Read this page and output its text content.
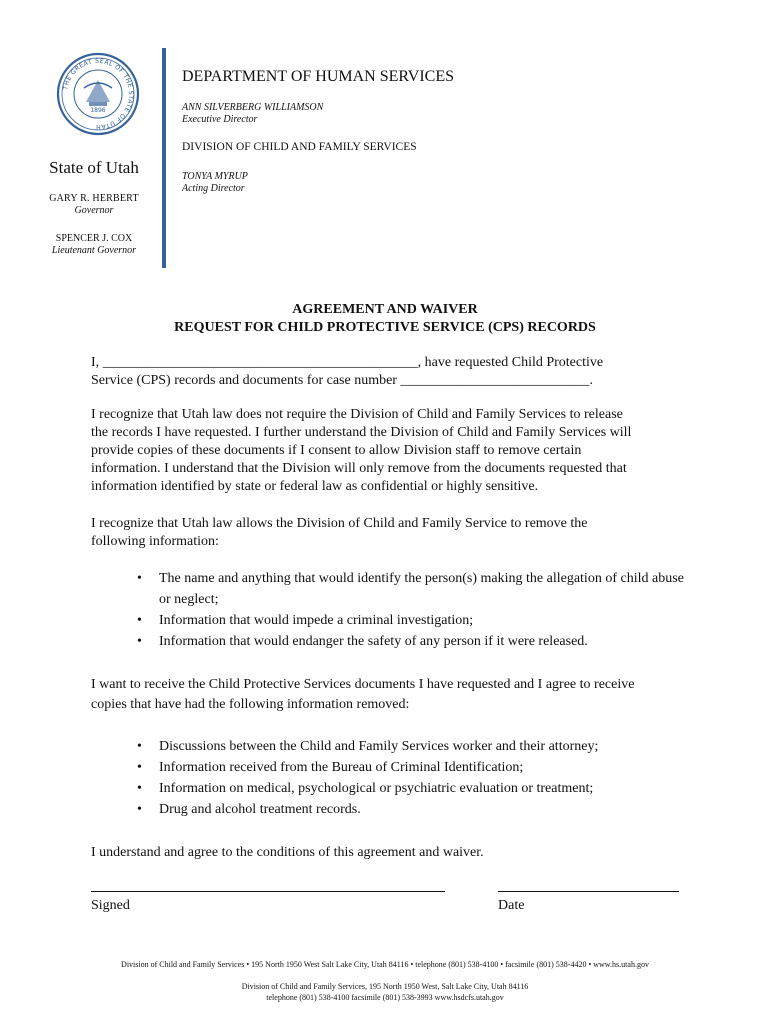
THE GREAT SEAL OF THE STATE OF UTAH
1896
State of Utah
GARY R. HERBERT
Governor
SPENCER J. COX
Lieutenant Governor
DEPARTMENT OF HUMAN SERVICES
ANN SILVERBERG WILLIAMSON
Executive Director
DIVISION OF CHILD AND FAMILY SERVICES
TONYA MYRUP
Acting Director
AGREEMENT AND WAIVER
REQUEST FOR CHILD PROTECTIVE SERVICE (CPS) RECORDS
I, _____________________________________________, have requested Child Protective
Service (CPS) records and documents for case number ___________________________.
I recognize that Utah law does not require the Division of Child and Family Services to release
the records I have requested. I further understand the Division of Child and Family Services will
provide copies of these documents if I consent to allow Division staff to remove certain
information. I understand that the Division will only remove from the documents requested that
information identified by state or federal law as confidential or highly sensitive.
I recognize that Utah law allows the Division of Child and Family Service to remove the
following information:
• The name and anything that would identify the person(s) making the allegation of child abuse or neglect;
• Information that would impede a criminal investigation;
• Information that would endanger the safety of any person if it were released.
I want to receive the Child Protective Services documents I have requested and I agree to receive
copies that have had the following information removed:
• Discussions between the Child and Family Services worker and their attorney;
• Information received from the Bureau of Criminal Identification;
• Information on medical, psychological or psychiatric evaluation or treatment;
• Drug and alcohol treatment records.
I understand and agree to the conditions of this agreement and waiver.
Signed	Date
Division of Child and Family Services • 195 North 1950 West Salt Lake City, Utah 84116 • telephone (801) 538-4100 • facsimile (801) 538-4420 • www.hs.utah.gov
Division of Child and Family Services, 195 North 1950 West, Salt Lake City, Utah 84116
telephone (801) 538-4100 facsimile (801) 538-3993 www.hsdcfs.utah.gov
